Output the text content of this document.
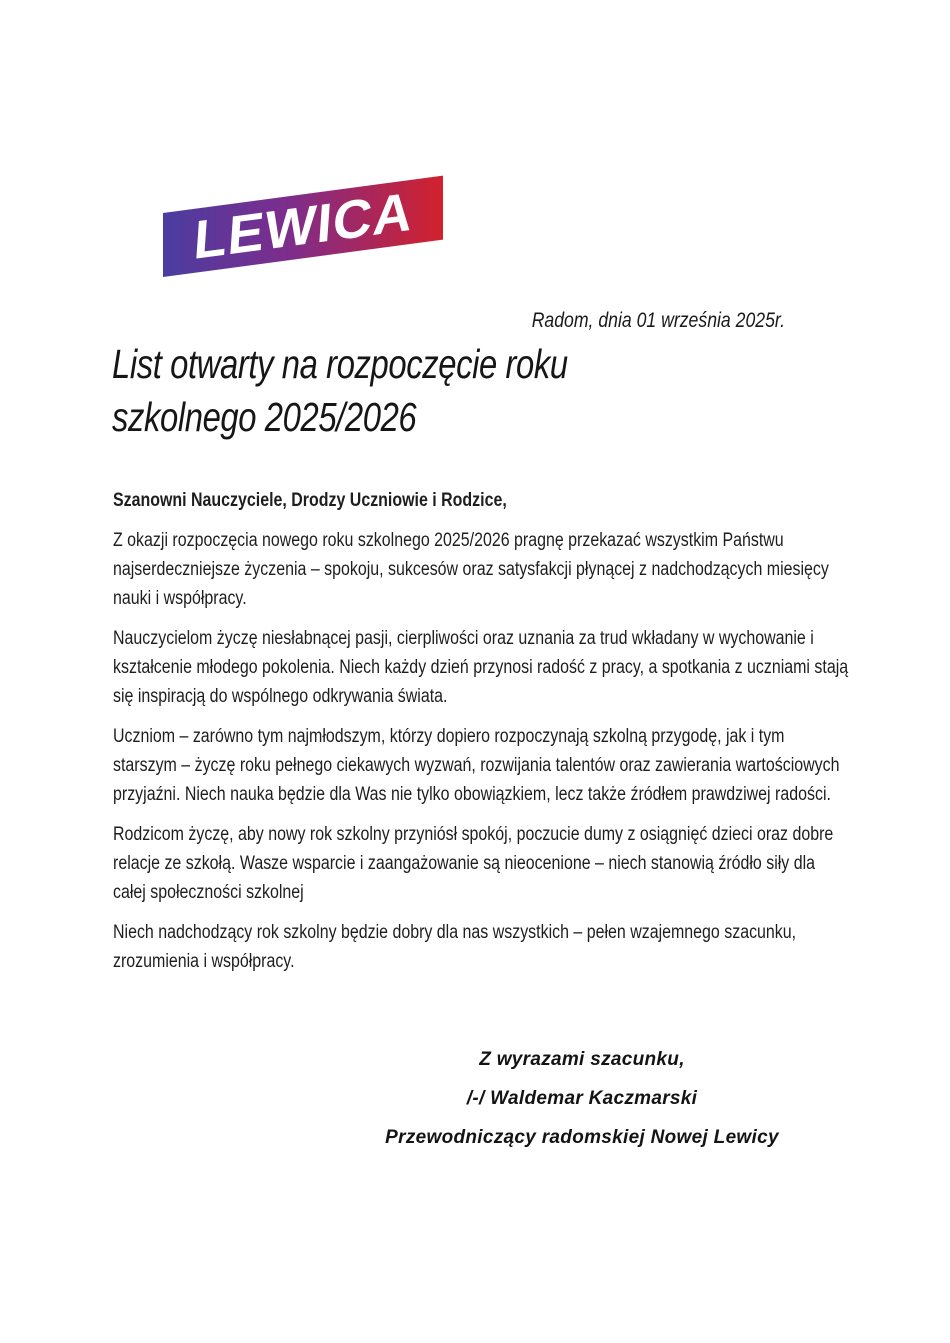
LEWICA
Radom, dnia 01 września 2025r.
List otwarty na rozpoczęcie roku szkolnego 2025/2026

Szanowni Nauczyciele, Drodzy Uczniowie i Rodzice,

Z okazji rozpoczęcia nowego roku szkolnego 2025/2026 pragnę przekazać wszystkim Państwu najserdeczniejsze życzenia – spokoju, sukcesów oraz satysfakcji płynącej z nadchodzących miesięcy nauki i współpracy.

Nauczycielom życzę niesłabnącej pasji, cierpliwości oraz uznania za trud wkładany w wychowanie i kształcenie młodego pokolenia. Niech każdy dzień przynosi radość z pracy, a spotkania z uczniami stają się inspiracją do wspólnego odkrywania świata.

Uczniom – zarówno tym najmłodszym, którzy dopiero rozpoczynają szkolną przygodę, jak i tym starszym – życzę roku pełnego ciekawych wyzwań, rozwijania talentów oraz zawierania wartościowych przyjaźni. Niech nauka będzie dla Was nie tylko obowiązkiem, lecz także źródłem prawdziwej radości.

Rodzicom życzę, aby nowy rok szkolny przyniósł spokój, poczucie dumy z osiągnięć dzieci oraz dobre relacje ze szkołą. Wasze wsparcie i zaangażowanie są nieocenione – niech stanowią źródło siły dla całej społeczności szkolnej

Niech nadchodzący rok szkolny będzie dobry dla nas wszystkich – pełen wzajemnego szacunku, zrozumienia i współpracy.

Z wyrazami szacunku,
/-/ Waldemar Kaczmarski
Przewodniczący radomskiej Nowej Lewicy
